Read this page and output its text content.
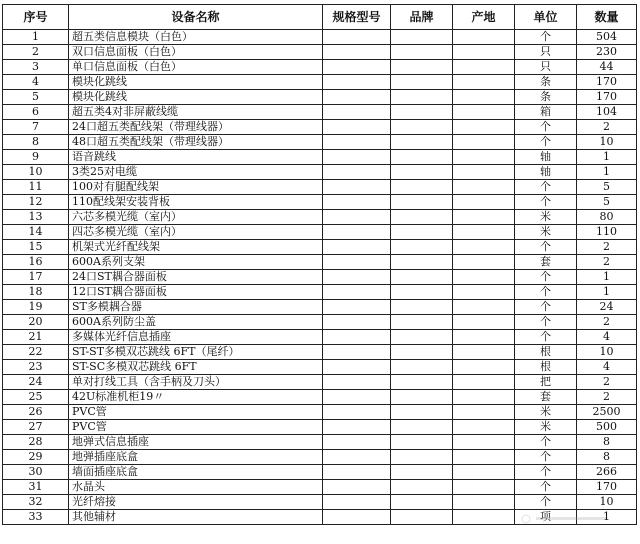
序号	设备名称	规格型号	品牌	产地	单位	数量
1	超五类信息模块（白色）				个	504
2	双口信息面板（白色）				只	230
3	单口信息面板（白色）				只	44
4	模块化跳线				条	170
5	模块化跳线				条	170
6	超五类4对非屏蔽线缆				箱	104
7	24口超五类配线架（带理线器）				个	2
8	48口超五类配线架（带理线器）				个	10
9	语音跳线				轴	1
10	3类25对电缆				轴	1
11	100对有腿配线架				个	5
12	110配线架安装背板				个	5
13	六芯多模光缆（室内）				米	80
14	四芯多模光缆（室内）				米	110
15	机架式光纤配线架				个	2
16	600A系列支架				套	2
17	24口ST耦合器面板				个	1
18	12口ST耦合器面板				个	1
19	ST多模耦合器				个	24
20	600A系列防尘盖				个	2
21	多媒体光纤信息插座				个	4
22	ST-ST多模双芯跳线 6FT（尾纤）				根	10
23	ST-SC多模双芯跳线 6FT				根	4
24	单对打线工具（含手柄及刀头）				把	2
25	42U标准机柜19〃				套	2
26	PVC管				米	2500
27	PVC管				米	500
28	地弹式信息插座				个	8
29	地弹插座底盒				个	8
30	墙面插座底盒				个	266
31	水晶头				个	170
32	光纤熔接				个	10
33	其他辅材				项	1
